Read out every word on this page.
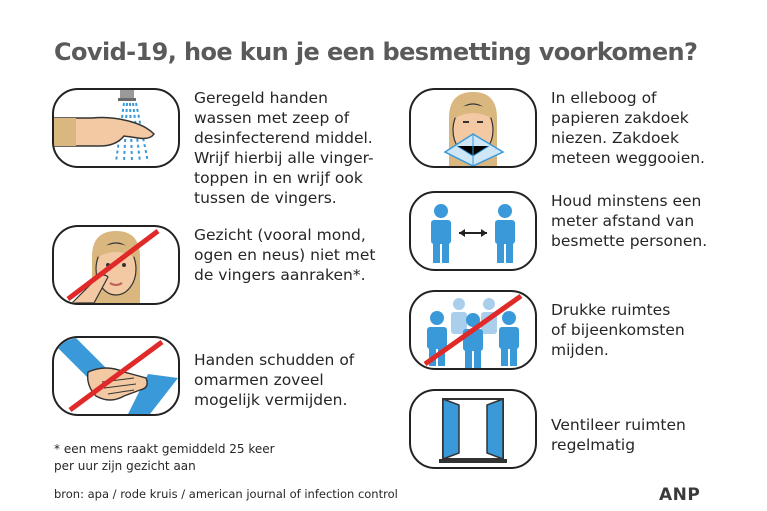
Covid-19, hoe kun je een besmetting voorkomen?
Geregeld handen
wassen met zeep of
desinfecterend middel.
Wrijf hierbij alle vinger-
toppen in en wrijf ook
tussen de vingers.
Gezicht (vooral mond,
ogen en neus) niet met
de vingers aanraken*.
Handen schudden of
omarmen zoveel
mogelijk vermijden.
In elleboog of
papieren zakdoek
niezen. Zakdoek
meteen weggooien.
Houd minstens een
meter afstand van
besmette personen.
Drukke ruimtes
of bijeenkomsten
mijden.
Ventileer ruimten
regelmatig
* een mens raakt gemiddeld 25 keer
per uur zijn gezicht aan
bron: apa / rode kruis / american journal of infection control	ANP
